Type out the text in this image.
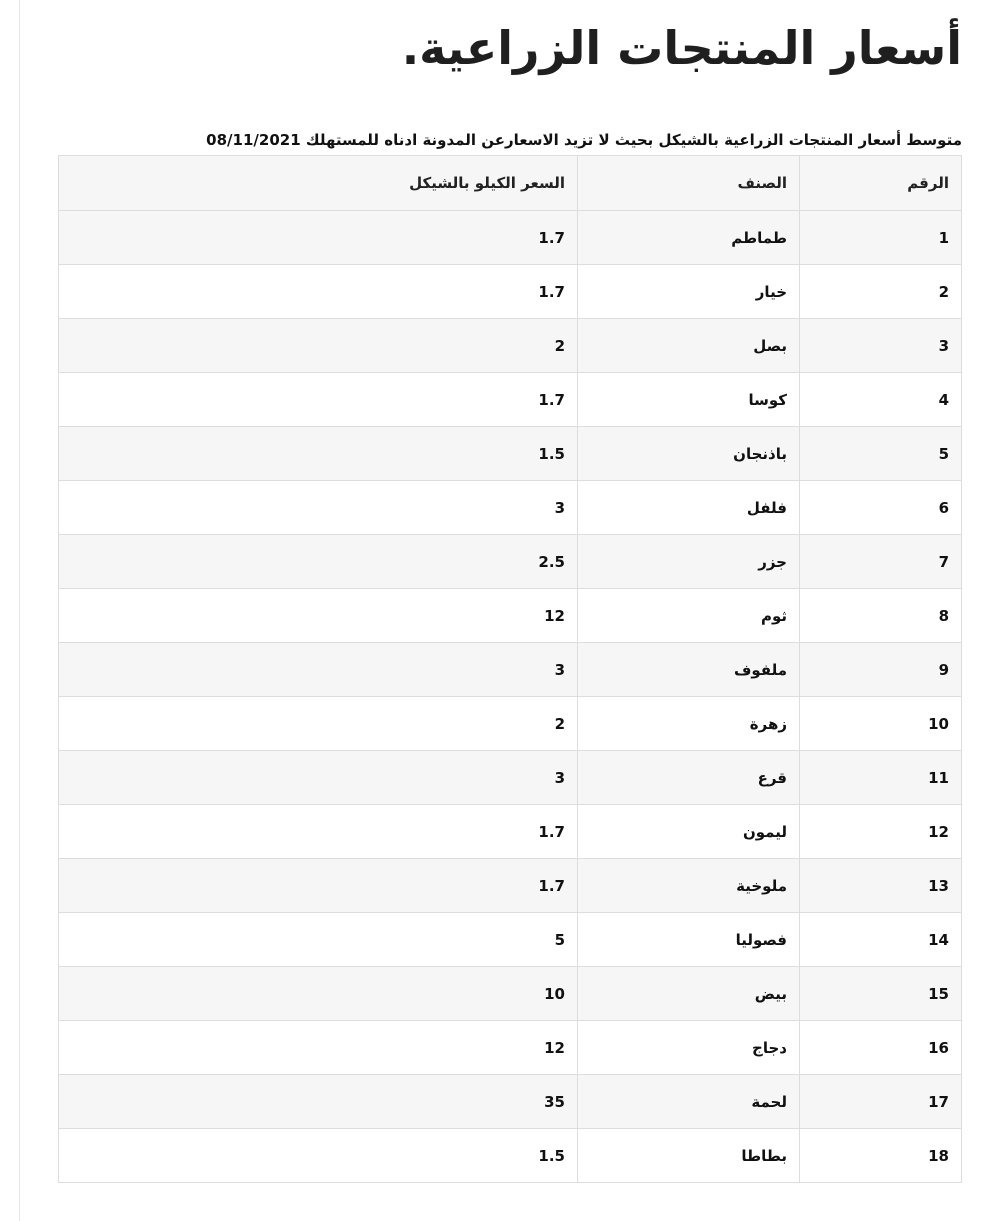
أسعار المنتجات الزراعية.
متوسط أسعار المنتجات الزراعية بالشيكل بحيث لا تزيد الاسعارعن المدونة ادناه للمستهلك 08/11/2021
الرقم	الصنف	السعر الكيلو بالشيكل
1	طماطم	1.7
2	خيار	1.7
3	بصل	2
4	كوسا	1.7
5	باذنجان	1.5
6	فلفل	3
7	جزر	2.5
8	ثوم	12
9	ملفوف	3
10	زهرة	2
11	قرع	3
12	ليمون	1.7
13	ملوخية	1.7
14	فصوليا	5
15	بيض	10
16	دجاج	12
17	لحمة	35
18	بطاطا	1.5
